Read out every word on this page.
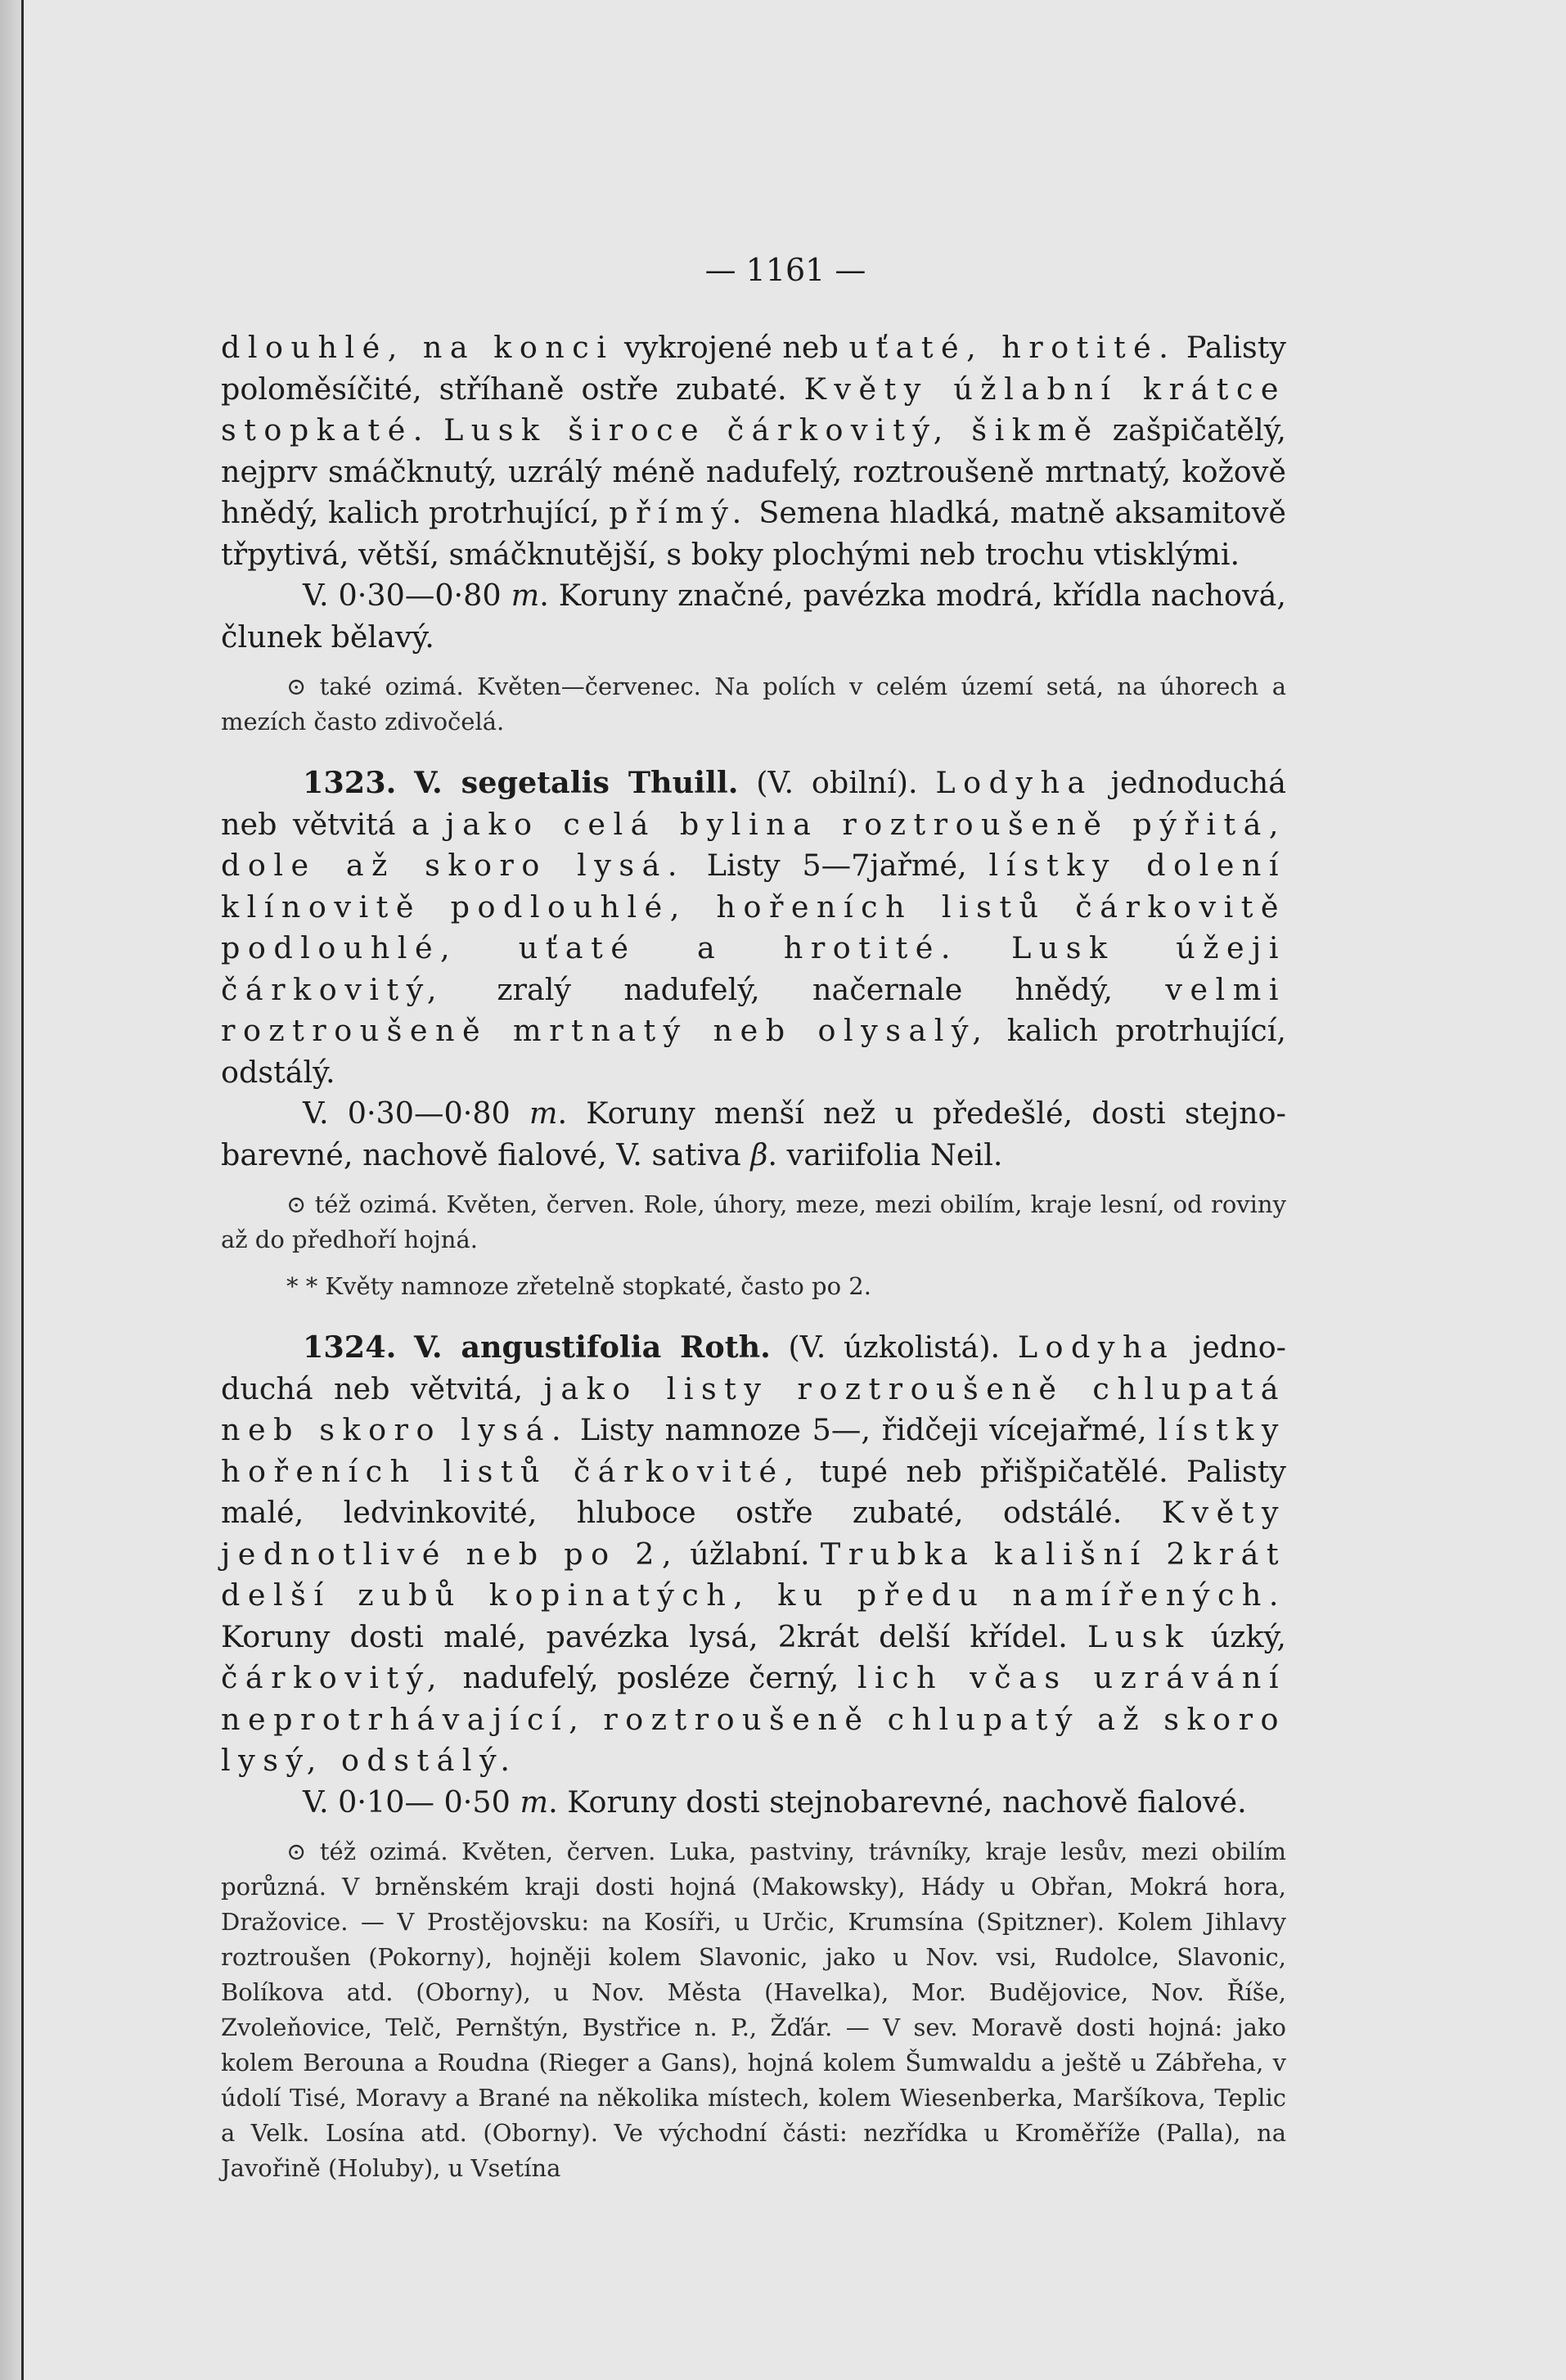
— 1161 —

dlouhlé, na konci vykrojené neb uťaté, hrotité. Palisty poloměsíčité, stříhaně ostře zubaté. Květy úžlabní krátce stopkaté. Lusk široce čárkovitý, šikmě zašpičatělý, nejprv smáčknutý, uzrálý méně nadufelý, roztroušeně mrtnatý, kožově hnědý, kalich protrhující, přímý. Semena hladká, matně aksamitově třpytivá, větší, smáčknutější, s boky plochými neb trochu vtisklými.

V. 0·30—0·80 m. Koruny značné, pavézka modrá, křídla nachová, člunek bělavý.

⊙ také ozimá. Květen—červenec. Na polích v celém území setá, na úhorech a mezích často zdivočelá.

1323. V. segetalis Thuill. (V. obilní). Lodyha jednoduchá neb větvitá a jako celá bylina roztroušeně pýřitá, dole až skoro lysá. Listy 5—7jařmé, lístky dolení klínovitě podlouhlé, hořeních listů čárkovitě podlouhlé, uťaté a hrotité. Lusk úžeji čárkovitý, zralý nadufelý, načernale hnědý, velmi roztroušeně mrtnatý neb olysalý, kalich protrhující, odstálý.

V. 0·30—0·80 m. Koruny menší než u předešlé, dosti stejnobarevné, nachově fialové, V. sativa β. variifolia Neil.

⊙ též ozimá. Květen, červen. Role, úhory, meze, mezi obilím, kraje lesní, od roviny až do předhoří hojná.

* * Květy namnoze zřetelně stopkaté, často po 2.

1324. V. angustifolia Roth. (V. úzkolistá). Lodyha jednoduchá neb větvitá, jako listy roztroušeně chlupatá neb skoro lysá. Listy namnoze 5—, řidčeji vícejařmé, lístky hořeních listů čárkovité, tupé neb přišpičatělé. Palisty malé, ledvinkovité, hluboce ostře zubaté, odstálé. Květy jednotlivé neb po 2, úžlabní. Trubka kališní 2krát delší zubů kopinatých, ku předu namířených. Koruny dosti malé, pavézka lysá, 2krát delší křídel. Lusk úzký, čárkovitý, nadufelý, posléze černý, lich včas uzrávání neprotrhávající, roztroušeně chlupatý až skoro lysý, odstálý.

V. 0·10— 0·50 m. Koruny dosti stejnobarevné, nachově fialové.

⊙ též ozimá. Květen, červen. Luka, pastviny, trávníky, kraje lesův, mezi obilím porůzná. V brněnském kraji dosti hojná (Makowsky), Hády u Obřan, Mokrá hora, Dražovice. — V Prostějovsku: na Kosíři, u Určic, Krumsína (Spitzner). Kolem Jihlavy roztroušen (Pokorny), hojněji kolem Slavonic, jako u Nov. vsi, Rudolce, Slavonic, Bolíkova atd. (Oborny), u Nov. Města (Havelka), Mor. Budějovice, Nov. Říše, Zvoleňovice, Telč, Pernštýn, Bystřice n. P., Žďár. — V sev. Moravě dosti hojná: jako kolem Berouna a Roudna (Rieger a Gans), hojná kolem Šumwaldu a ještě u Zábřeha, v údolí Tisé, Moravy a Brané na několika místech, kolem Wiesenberka, Maršíkova, Teplic a Velk. Losína atd. (Oborny). Ve východní části: nezřídka u Kroměříže (Palla), na Javořině (Holuby), u Vsetína
